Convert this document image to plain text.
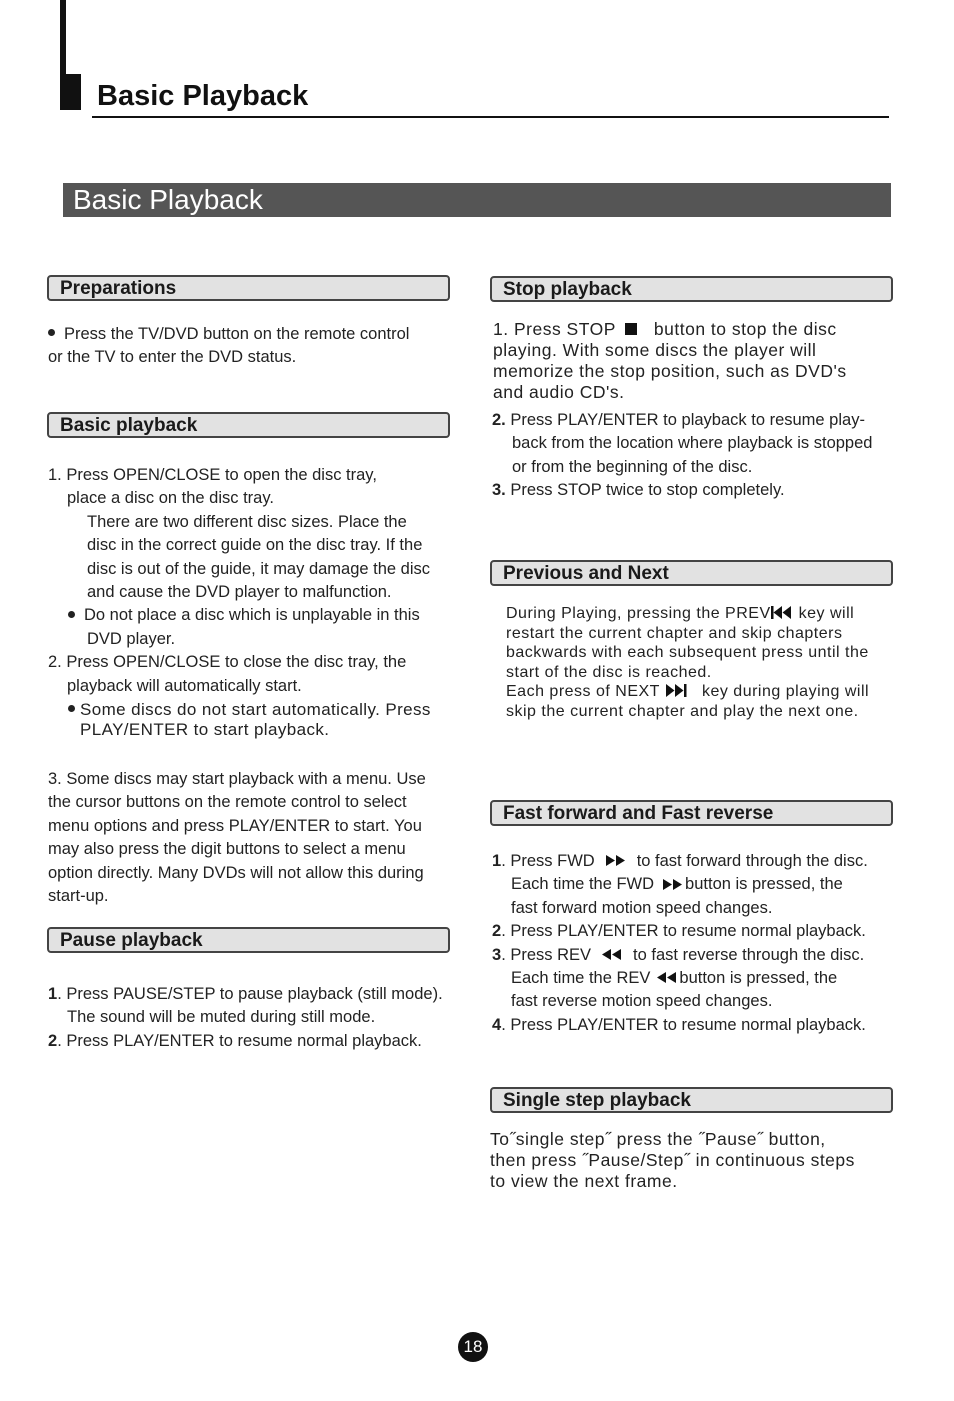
Basic Playback
Basic Playback
Preparations

Press the TV/DVD button on the remote control

or the TV to enter the DVD status.

Basic playback

1. Press OPEN/CLOSE to open the disc tray,

place a disc on the disc tray.

There are two different disc sizes. Place the

disc in the correct guide on the disc tray. If the

disc is out of the guide, it may damage the disc

and cause the DVD player to malfunction.

Do not place a disc which is unplayable in this

DVD player.

2. Press OPEN/CLOSE to close the disc tray, the

playback will automatically start.

Some discs do not start automatically. Press

PLAY/ENTER to start playback.

3. Some discs may start playback with a menu. Use

the cursor buttons on the remote control to select

menu options and press PLAY/ENTER to start. You

may also press the digit buttons to select a menu

option directly. Many DVDs will not allow this during

start-up.

Pause playback

1. Press PAUSE/STEP to pause playback (still mode).

The sound will be muted during still mode.

2. Press PLAY/ENTER to resume normal playback.

Stop playback

1. Press STOP button to stop the disc

playing. With some discs the player will

memorize the stop position, such as DVD's

and audio CD's.

2. Press PLAY/ENTER to playback to resume play-

back from the location where playback is stopped

or from the beginning of the disc.

3. Press STOP twice to stop completely.

Previous and Next

During Playing, pressing the PREV key will

restart the current chapter and skip chapters

backwards with each subsequent press until the

start of the disc is reached.

Each press of NEXT	key during playing will

skip the current chapter and play the next one.

Fast forward and Fast reverse

1. Press FWD	to fast forward through the disc.

Each time the FWD button is pressed, the

fast forward motion speed changes.

2. Press PLAY/ENTER to resume normal playback.

3. Press REV	to fast reverse through the disc.

Each time the REV button is pressed, the

fast reverse motion speed changes.

4. Press PLAY/ENTER to resume normal playback.

Single step playback

To˝single step˝ press the ˝Pause˝ button,

then press ˝Pause/Step˝ in continuous steps

to view the next frame.

18
